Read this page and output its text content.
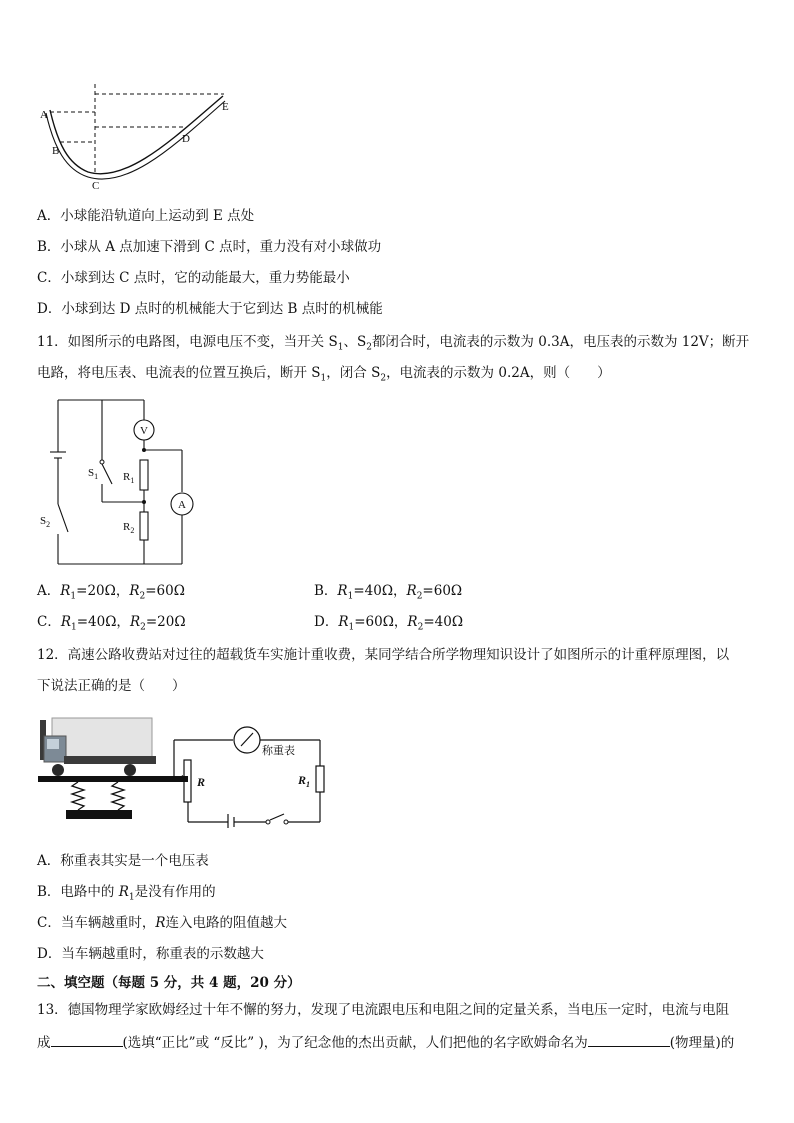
A
B
C
D
E
A．小球能沿轨道向上运动到 E 点处
B．小球从 A 点加速下滑到 C 点时，重力没有对小球做功
C．小球到达 C 点时，它的动能最大，重力势能最小
D．小球到达 D 点时的机械能大于它到达 B 点时的机械能
11．如图所示的电路图，电源电压不变，当开关 $S_1$、$S_2$都闭合时，电流表的示数为 0.3A，电压表的示数为 12V；断开
电路，将电压表、电流表的位置互换后，断开 $S_1$，闭合 $S_2$，电流表的示数为 0.2A，则（　　）
V
A
$S_1$
$S_2$
$R_1$
$R_2$
A．$R_1=20\Omega$，$R_2=60\Omega$	B．$R_1=40\Omega$，$R_2=60\Omega$
C．$R_1=40\Omega$，$R_2=20\Omega$	D．$R_1=60\Omega$，$R_2=40\Omega$
12．高速公路收费站对过往的超载货车实施计重收费，某同学结合所学物理知识设计了如图所示的计重秤原理图，以
下说法正确的是（　　）
R	$R_1$
称重表
A．称重表其实是一个电压表
B．电路中的 $R_1$是没有作用的
C．当车辆越重时，R连入电路的阻值越大
D．当车辆越重时，称重表的示数越大
二、填空题（每题 5 分，共 4 题，20 分）
13．德国物理学家欧姆经过十年不懈的努力，发现了电流跟电压和电阻之间的定量关系，当电压一定时，电流与电阻
成	(选填“正比”或 “反比” )，为了纪念他的杰出贡献，人们把他的名字欧姆命名为	(物理量)的
